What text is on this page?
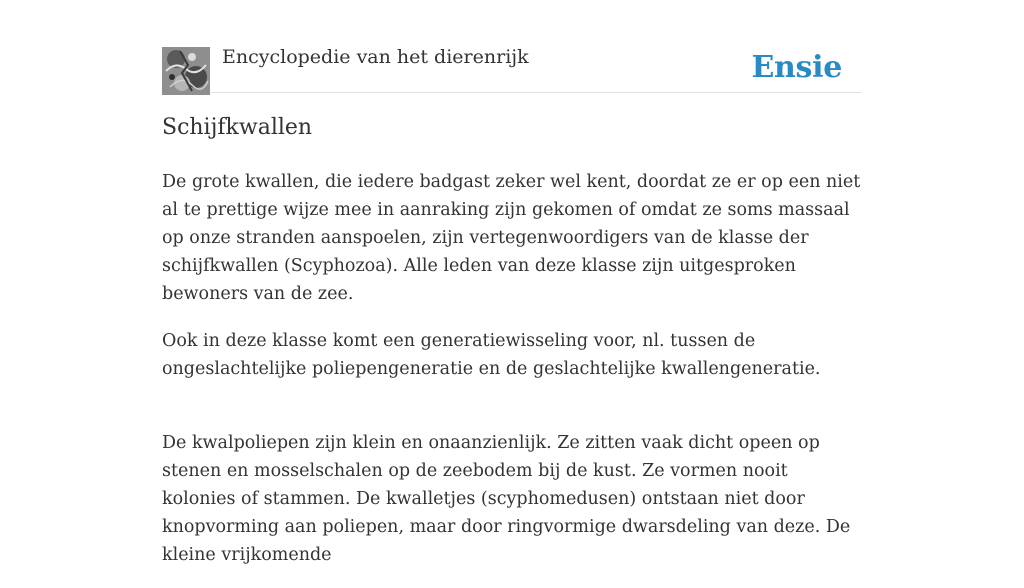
Encyclopedie van het dierenrijk	Ensie
Schijfkwallen

De grote kwallen, die iedere badgast zeker wel kent, doordat ze er op een niet al te prettige wijze mee in aanraking zijn gekomen of omdat ze soms massaal op onze stranden aanspoelen, zijn vertegenwoordigers van de klasse der schijfkwallen (Scyphozoa). Alle leden van deze klasse zijn uitgesproken bewoners van de zee.

Ook in deze klasse komt een generatiewisseling voor, nl. tussen de ongeslachtelijke poliepengeneratie en de geslachtelijke kwallengeneratie.

De kwalpoliepen zijn klein en onaanzienlijk. Ze zitten vaak dicht opeen op stenen en mosselschalen op de zeebodem bij de kust. Ze vormen nooit kolonies of stammen. De kwalletjes (scyphomedusen) ontstaan niet door knopvorming aan poliepen, maar door ringvormige dwarsdeling van deze. De kleine vrijkomende
